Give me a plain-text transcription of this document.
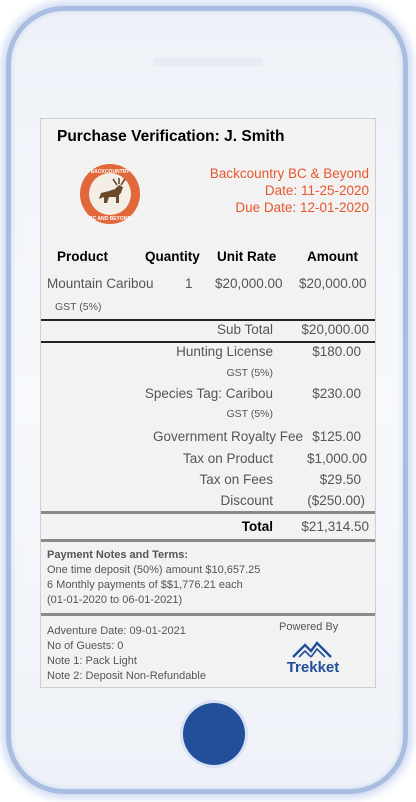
Purchase Verification: J. Smith
BACKCOUNTRY
BC AND BEYOND
Backcountry BC & Beyond
Date: 11-25-2020
Due Date: 12-01-2020
Product	Quantity Unit Rate Amount
Mountain Caribou 1 $20,000.00 $20,000.00
GST (5%)
Sub Total $20,000.00
Hunting License	$180.00
GST (5%)
Species Tag: Caribou	$230.00
GST (5%)
Government Royalty Fee $125.00
Tax on Product	$1,000.00
Tax on Fees	$29.50
Discount	($250.00)
Total $21,314.50
Payment Notes and Terms:
One time deposit (50%) amount $10,657.25
6 Monthly payments of $$1,776.21 each
(01-01-2020 to 06-01-2021)
Adventure Date: 09-01-2021
No of Guests: 0
Note 1: Pack Light
Note 2: Deposit Non-Refundable
Powered By
Trekket
